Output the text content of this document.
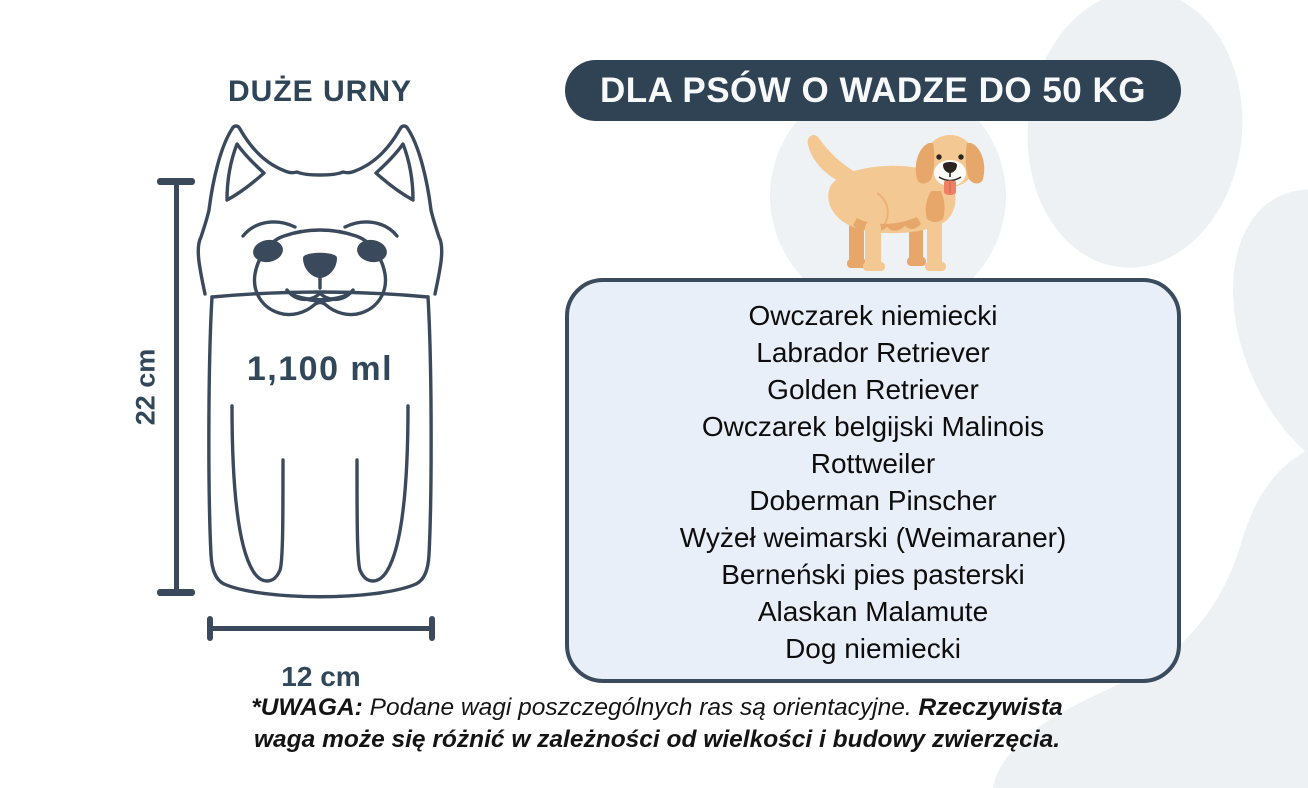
DUŻE URNY
1,100 ml
22 cm
12 cm
DLA PSÓW O WADZE DO 50 KG
Owczarek niemiecki
Labrador Retriever
Golden Retriever
Owczarek belgijski Malinois
Rottweiler
Doberman Pinscher
Wyżeł weimarski (Weimaraner)
Berneński pies pasterski
Alaskan Malamute
Dog niemiecki
*UWAGA: Podane wagi poszczególnych ras są orientacyjne. Rzeczywista
waga może się różnić w zależności od wielkości i budowy zwierzęcia.
